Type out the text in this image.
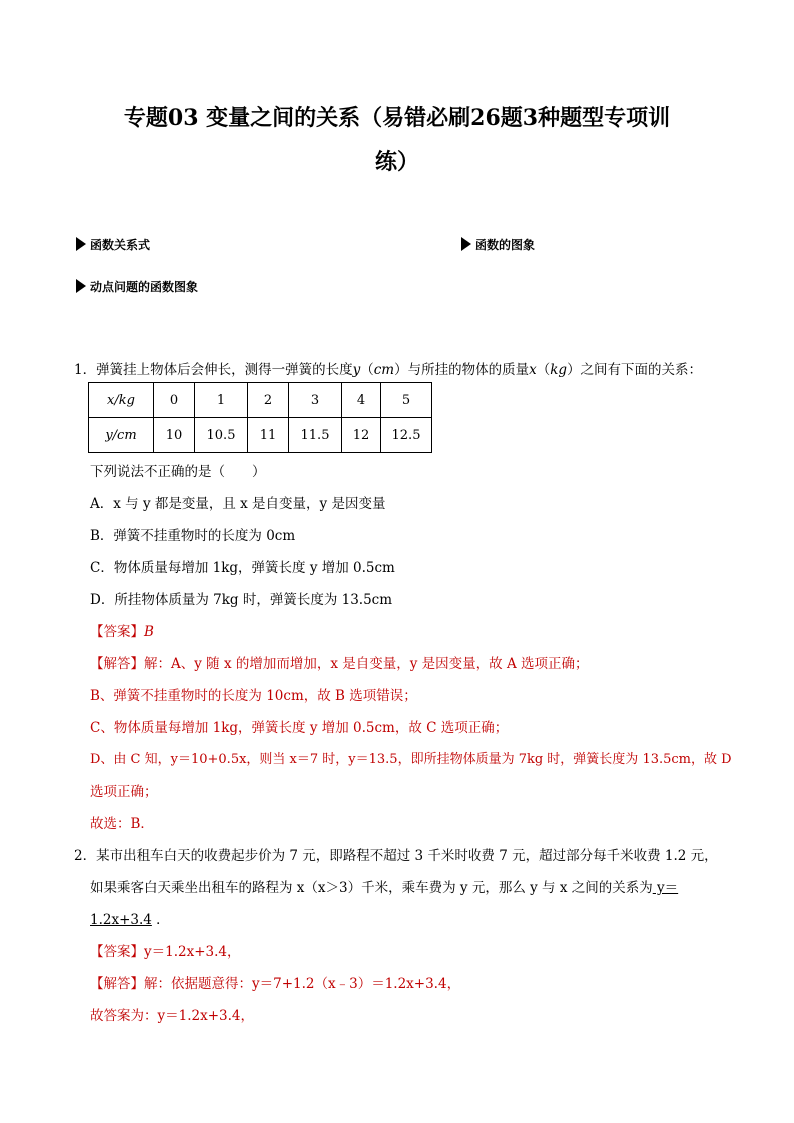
专题03 变量之间的关系（易错必刷26题3种题型专项训
练）
函数关系式	函数的图象
动点问题的函数图象
1．弹簧挂上物体后会伸长，测得一弹簧的长度y（cm）与所挂的物体的质量x（kg）之间有下面的关系：
x/kg	0	1	2	3	4	5
y/cm	10	10.5	11	11.5	12	12.5
下列说法不正确的是（　　）
A．x 与 y 都是变量，且 x 是自变量，y 是因变量
B．弹簧不挂重物时的长度为 0cm
C．物体质量每增加 1kg，弹簧长度 y 增加 0.5cm
D．所挂物体质量为 7kg 时，弹簧长度为 13.5cm
【答案】B
【解答】解：A、y 随 x 的增加而增加，x 是自变量，y 是因变量，故 A 选项正确；
B、弹簧不挂重物时的长度为 10cm，故 B 选项错误；
C、物体质量每增加 1kg，弹簧长度 y 增加 0.5cm，故 C 选项正确；
D、由 C 知，y＝10+0.5x，则当 x＝7 时，y＝13.5，即所挂物体质量为 7kg 时，弹簧长度为 13.5cm，故 D
选项正确；
故选：B．
2．某市出租车白天的收费起步价为 7 元，即路程不超过 3 千米时收费 7 元，超过部分每千米收费 1.2 元，
如果乘客白天乘坐出租车的路程为 x（x＞3）千米，乘车费为 y 元，那么 y 与 x 之间的关系为 y＝
1.2x+3.4 ．
【答案】y＝1.2x+3.4，
【解答】解：依据题意得：y＝7+1.2（x﹣3）＝1.2x+3.4，
故答案为：y＝1.2x+3.4，
